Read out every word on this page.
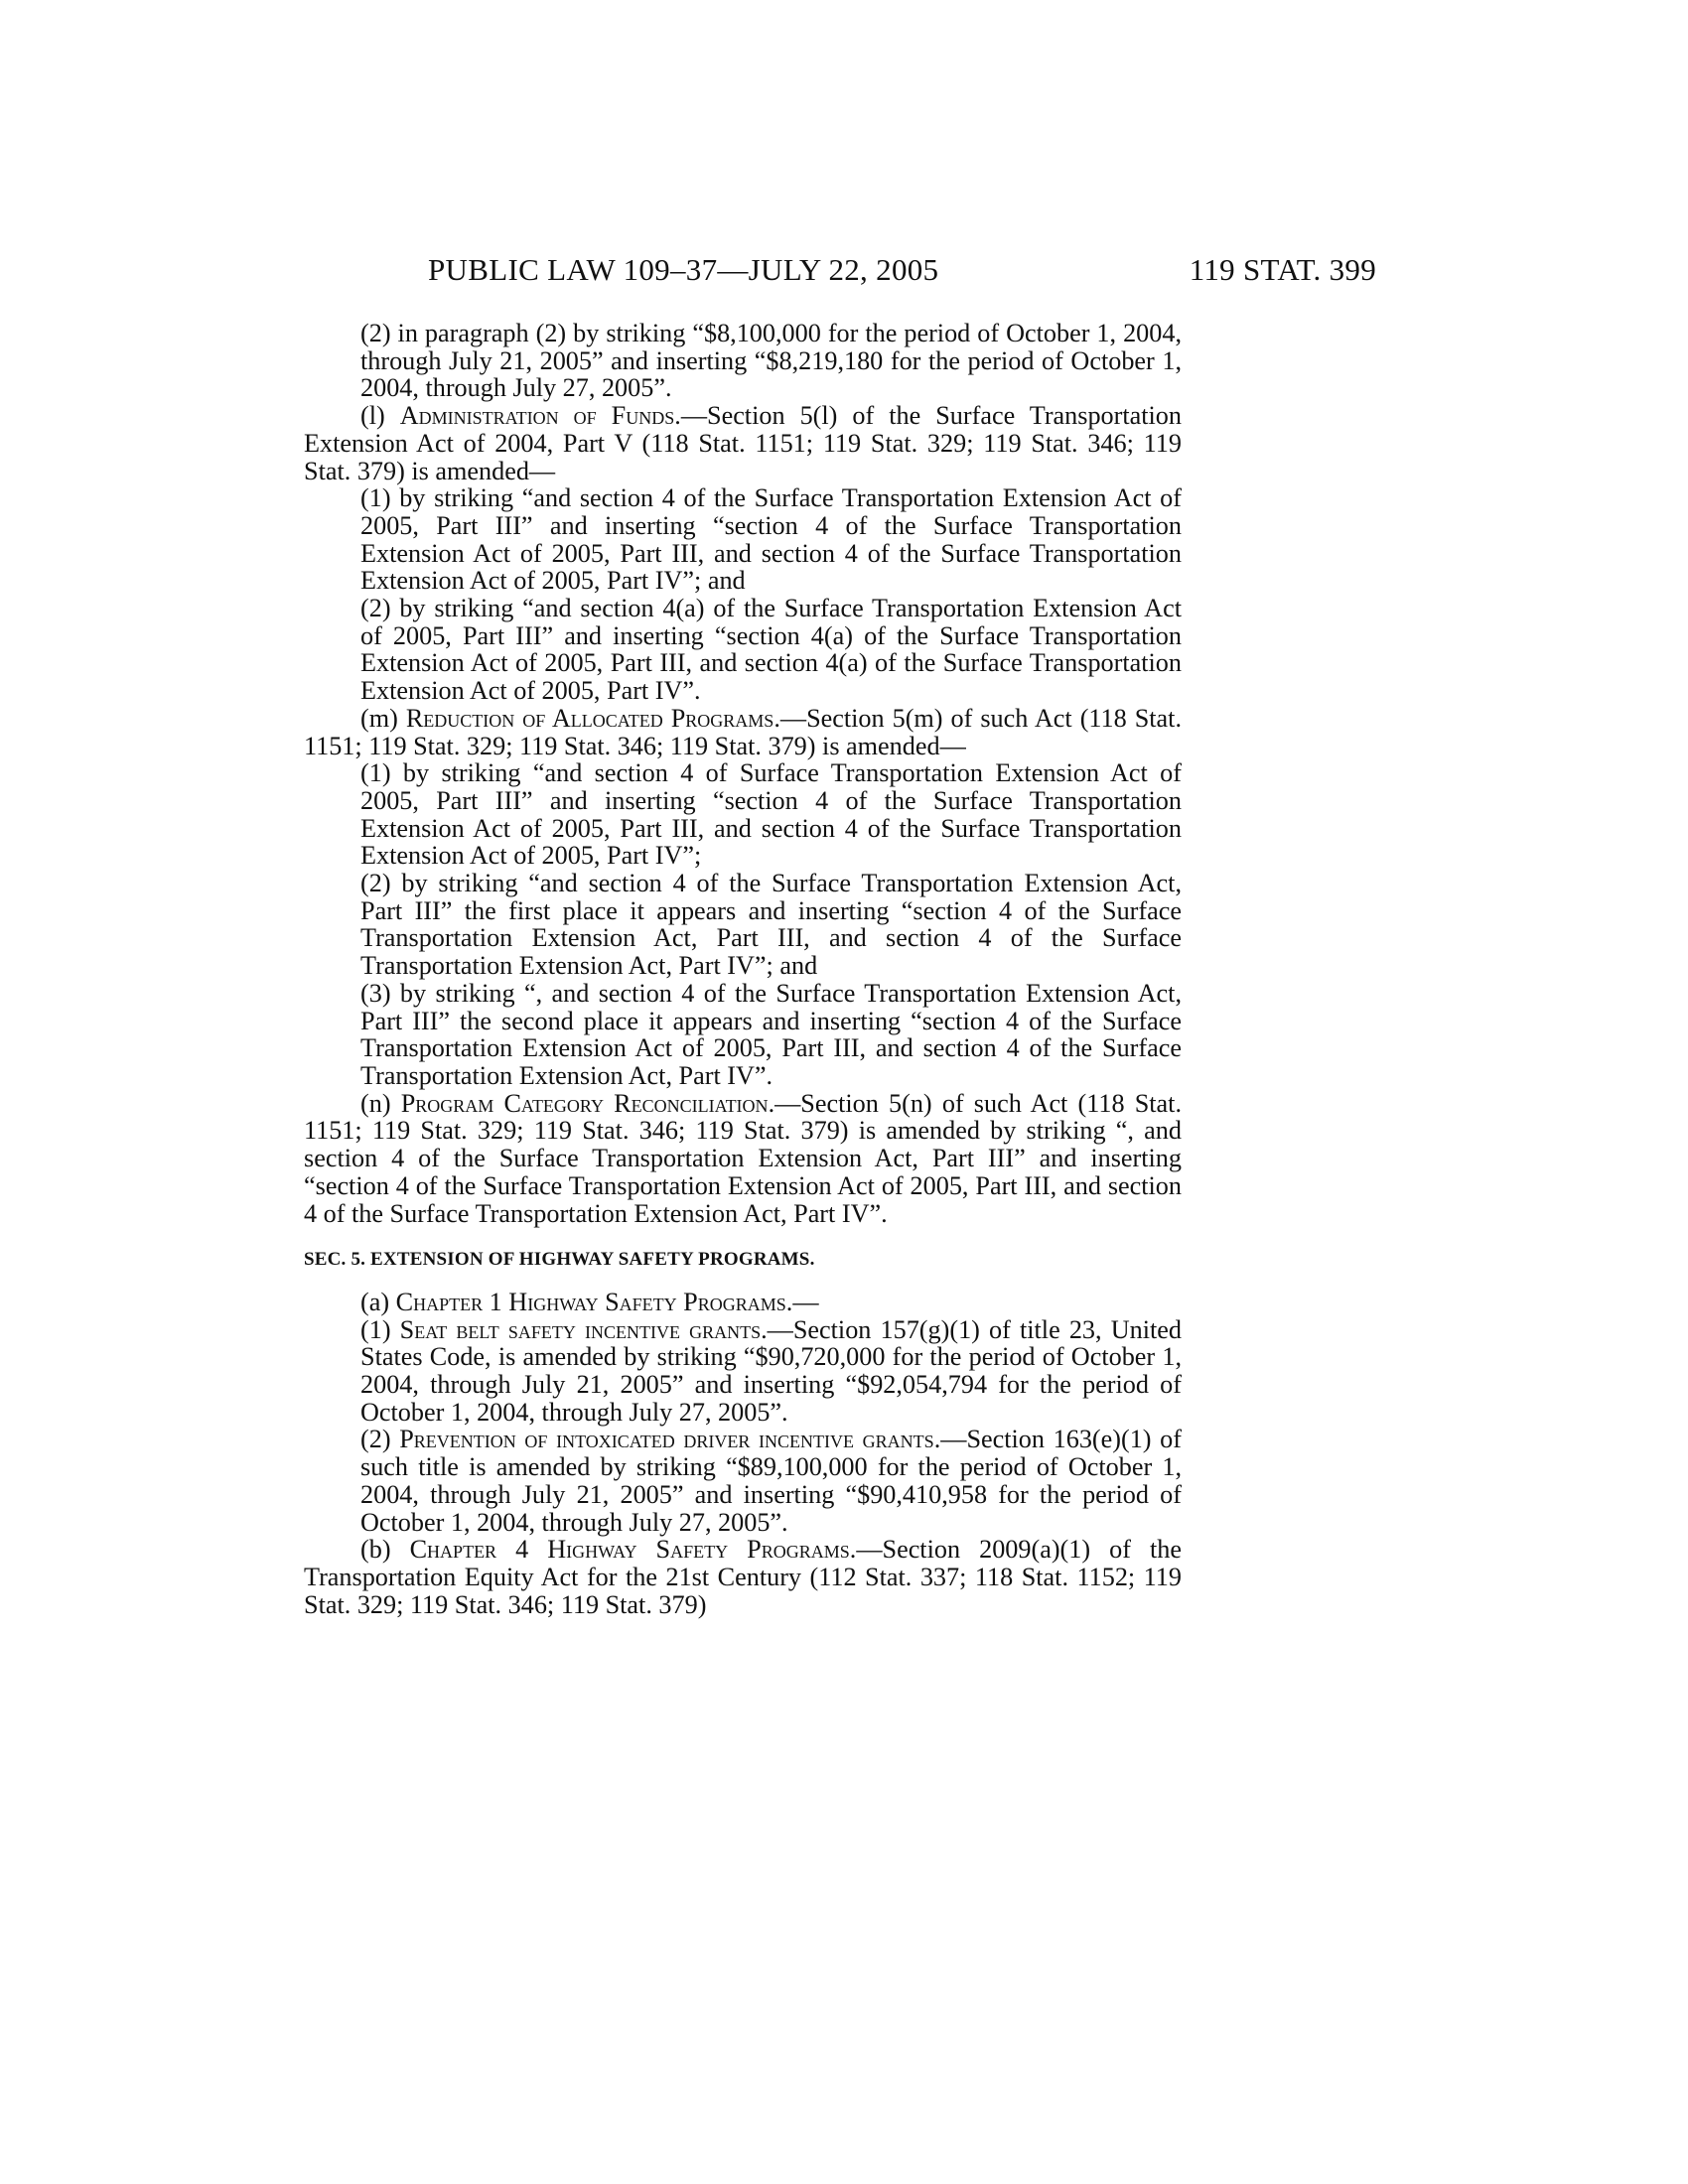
PUBLIC LAW 109–37—JULY 22, 2005	119 STAT. 399

(2) in paragraph (2) by striking “$8,100,000 for the period of October 1, 2004, through July 21, 2005” and inserting “$8,219,180 for the period of October 1, 2004, through July 27, 2005”.

(l) Administration of Funds.—Section 5(l) of the Surface Transportation Extension Act of 2004, Part V (118 Stat. 1151; 119 Stat. 329; 119 Stat. 346; 119 Stat. 379) is amended—

(1) by striking “and section 4 of the Surface Transportation Extension Act of 2005, Part III” and inserting “section 4 of the Surface Transportation Extension Act of 2005, Part III, and section 4 of the Surface Transportation Extension Act of 2005, Part IV”; and

(2) by striking “and section 4(a) of the Surface Transportation Extension Act of 2005, Part III” and inserting “section 4(a) of the Surface Transportation Extension Act of 2005, Part III, and section 4(a) of the Surface Transportation Extension Act of 2005, Part IV”.

(m) Reduction of Allocated Programs.—Section 5(m) of such Act (118 Stat. 1151; 119 Stat. 329; 119 Stat. 346; 119 Stat. 379) is amended—

(1) by striking “and section 4 of Surface Transportation Extension Act of 2005, Part III” and inserting “section 4 of the Surface Transportation Extension Act of 2005, Part III, and section 4 of the Surface Transportation Extension Act of 2005, Part IV”;

(2) by striking “and section 4 of the Surface Transportation Extension Act, Part III” the first place it appears and inserting “section 4 of the Surface Transportation Extension Act, Part III, and section 4 of the Surface Transportation Extension Act, Part IV”; and

(3) by striking “, and section 4 of the Surface Transportation Extension Act, Part III” the second place it appears and inserting “section 4 of the Surface Transportation Extension Act of 2005, Part III, and section 4 of the Surface Transportation Extension Act, Part IV”.

(n) Program Category Reconciliation.—Section 5(n) of such Act (118 Stat. 1151; 119 Stat. 329; 119 Stat. 346; 119 Stat. 379) is amended by striking “, and section 4 of the Surface Transportation Extension Act, Part III” and inserting “section 4 of the Surface Transportation Extension Act of 2005, Part III, and section 4 of the Surface Transportation Extension Act, Part IV”.

SEC. 5. EXTENSION OF HIGHWAY SAFETY PROGRAMS.

(a) Chapter 1 Highway Safety Programs.—

(1) Seat belt safety incentive grants.—Section 157(g)(1) of title 23, United States Code, is amended by striking “$90,720,000 for the period of October 1, 2004, through July 21, 2005” and inserting “$92,054,794 for the period of October 1, 2004, through July 27, 2005”.

(2) Prevention of intoxicated driver incentive grants.—Section 163(e)(1) of such title is amended by striking “$89,100,000 for the period of October 1, 2004, through July 21, 2005” and inserting “$90,410,958 for the period of October 1, 2004, through July 27, 2005”.

(b) Chapter 4 Highway Safety Programs.—Section 2009(a)(1) of the Transportation Equity Act for the 21st Century (112 Stat. 337; 118 Stat. 1152; 119 Stat. 329; 119 Stat. 346; 119 Stat. 379)
